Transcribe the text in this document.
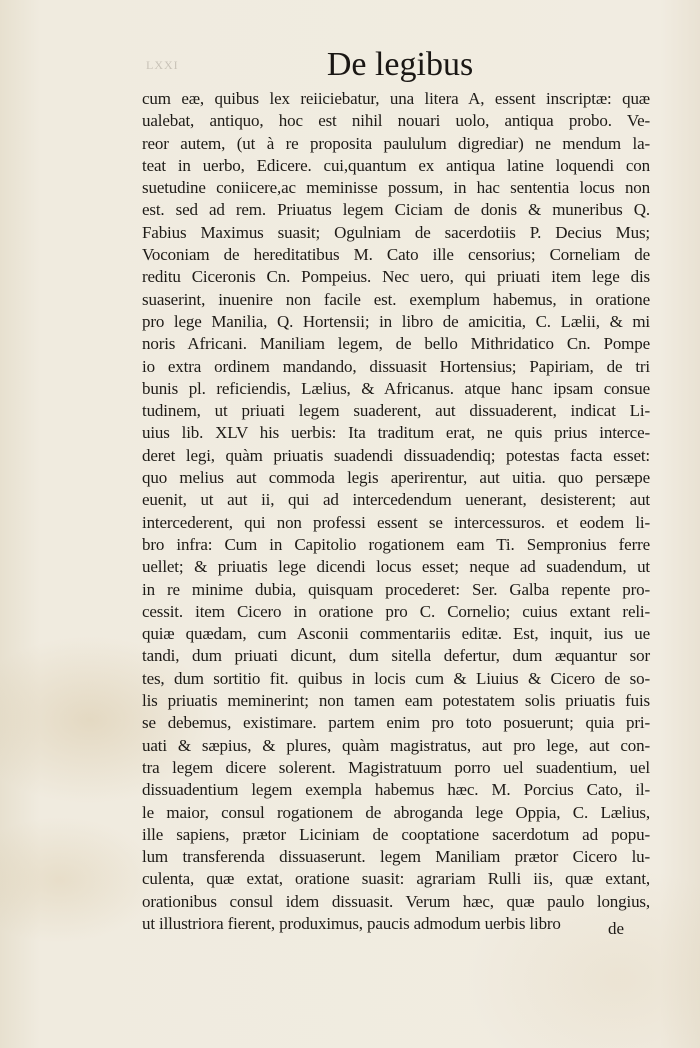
LXXI	De legibus
cum eæ, quibus lex reiiciebatur, una litera A, essent inscriptæ: quæ
ualebat, antiquo, hoc est nihil nouari uolo, antiqua probo. Ve-
reor autem, (ut à re proposita paululum digrediar) ne mendum la-
teat in uerbo, Edicere. cui,quantum ex antiqua latine loquendi con
suetudine coniicere,ac meminisse possum, in hac sententia locus non
est. sed ad rem. Priuatus legem Ciciam de donis & muneribus Q.
Fabius Maximus suasit; Ogulniam de sacerdotiis P. Decius Mus;
Voconiam de hereditatibus M. Cato ille censorius; Corneliam de
reditu Ciceronis Cn. Pompeius. Nec uero, qui priuati item lege dis
suaserint, inuenire non facile est. exemplum habemus, in oratione
pro lege Manilia, Q. Hortensii; in libro de amicitia, C. Lælii, & mi
noris Africani. Maniliam legem, de bello Mithridatico Cn. Pompe
io extra ordinem mandando, dissuasit Hortensius; Papiriam, de tri
bunis pl. reficiendis, Lælius, & Africanus. atque hanc ipsam consue
tudinem, ut priuati legem suaderent, aut dissuaderent, indicat Li-
uius lib. XLV his uerbis: Ita traditum erat, ne quis prius interce-
deret legi, quàm priuatis suadendi dissuadendiq; potestas facta esset:
quo melius aut commoda legis aperirentur, aut uitia. quo persæpe
euenit, ut aut ii, qui ad intercedendum uenerant, desisterent; aut
intercederent, qui non professi essent se intercessuros. et eodem li-
bro infra: Cum in Capitolio rogationem eam Ti. Sempronius ferre
uellet; & priuatis lege dicendi locus esset; neque ad suadendum, ut
in re minime dubia, quisquam procederet: Ser. Galba repente pro-
cessit. item Cicero in oratione pro C. Cornelio; cuius extant reli-
quiæ quædam, cum Asconii commentariis editæ. Est, inquit, ius ue
tandi, dum priuati dicunt, dum sitella defertur, dum æquantur sor
tes, dum sortitio fit. quibus in locis cum & Liuius & Cicero de so-
lis priuatis meminerint; non tamen eam potestatem solis priuatis fuis
se debemus, existimare. partem enim pro toto posuerunt; quia pri-
uati & sæpius, & plures, quàm magistratus, aut pro lege, aut con-
tra legem dicere solerent. Magistratuum porro uel suadentium, uel
dissuadentium legem exempla habemus hæc. M. Porcius Cato, il-
le maior, consul rogationem de abroganda lege Oppia, C. Lælius,
ille sapiens, prætor Liciniam de cooptatione sacerdotum ad popu-
lum transferenda dissuaserunt. legem Maniliam prætor Cicero lu-
culenta, quæ extat, oratione suasit: agrariam Rulli iis, quæ extant,
orationibus consul idem dissuasit. Verum hæc, quæ paulo longius,
ut illustriora fierent, produximus, paucis admodum uerbis libro	de
